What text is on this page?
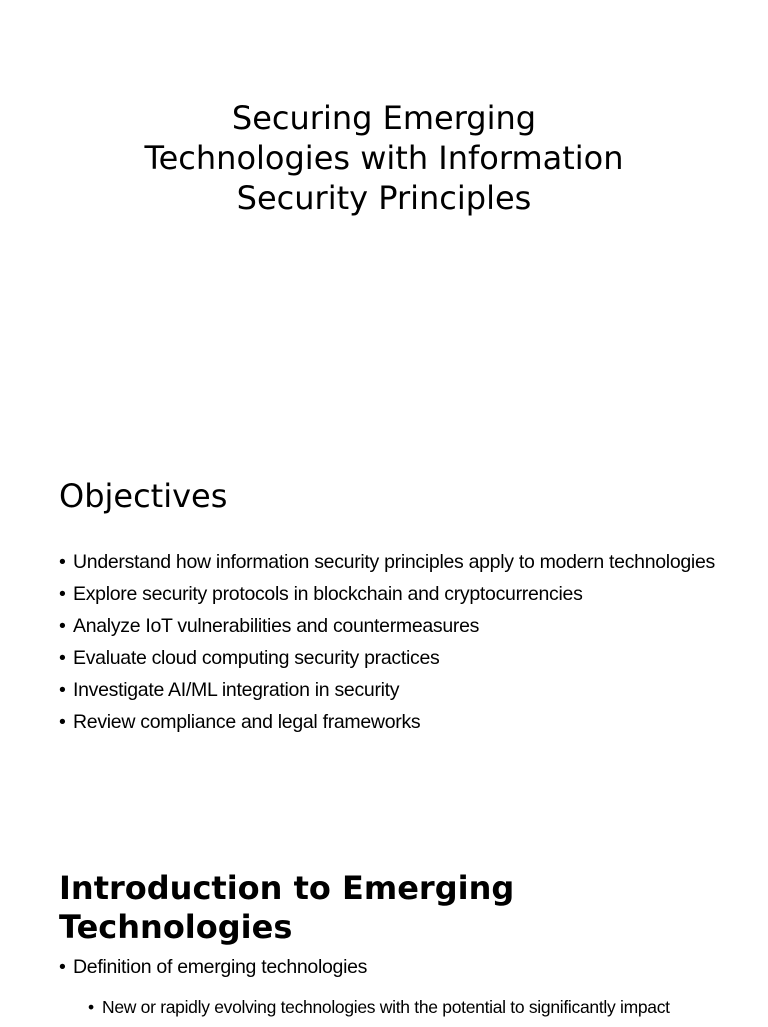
Securing Emerging
Technologies with Information
Security Principles
Objectives
• Understand how information security principles apply to modern technologies
• Explore security protocols in blockchain and cryptocurrencies
• Analyze IoT vulnerabilities and countermeasures
• Evaluate cloud computing security practices
• Investigate AI/ML integration in security
• Review compliance and legal frameworks
Introduction to Emerging
Technologies
• Definition of emerging technologies
• New or rapidly evolving technologies with the potential to significantly impact
